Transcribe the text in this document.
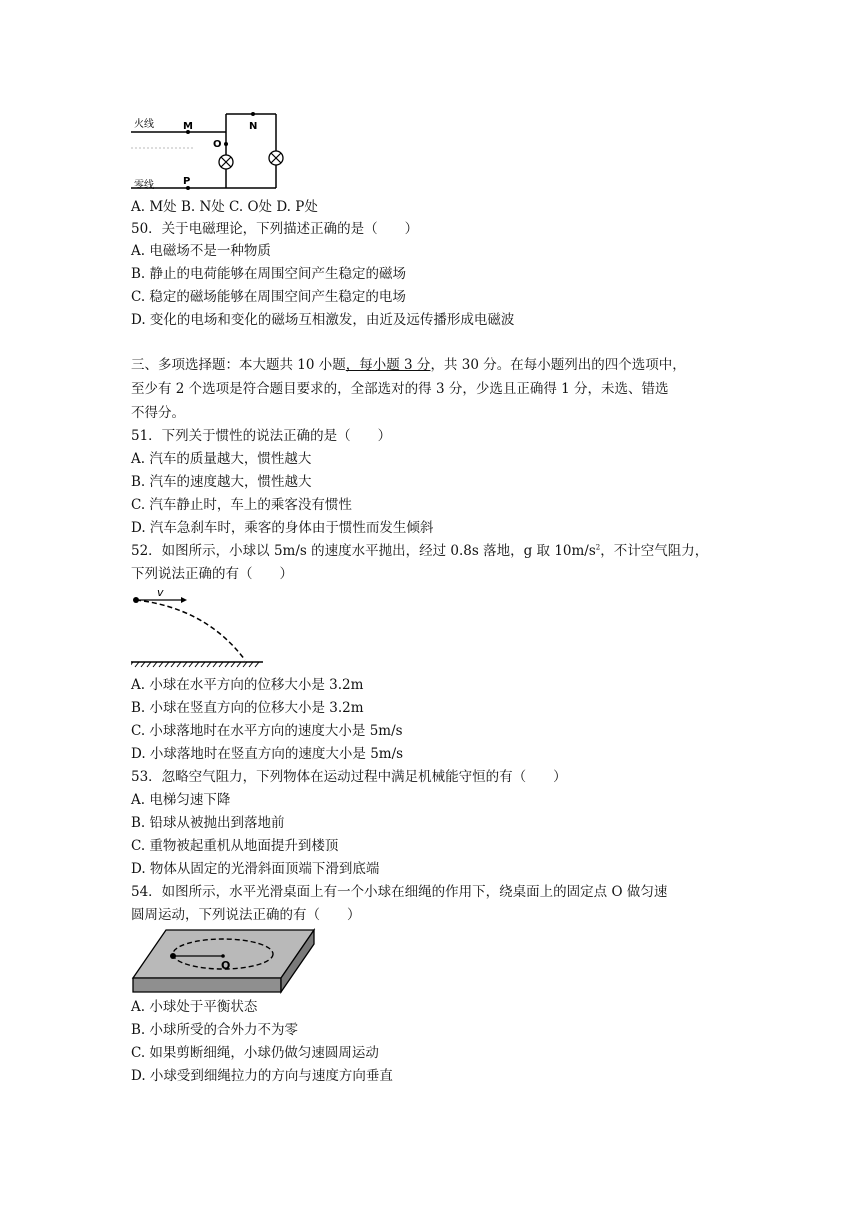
火线
零线
M	N
O
P
A. M处 B. N处 C. O处 D. P处
50．关于电磁理论，下列描述正确的是（　　）
A. 电磁场不是一种物质
B. 静止的电荷能够在周围空间产生稳定的磁场
C. 稳定的磁场能够在周围空间产生稳定的电场
D. 变化的电场和变化的磁场互相激发，由近及远传播形成电磁波
三、多项选择题：本大题共 10 小题，每小题 3 分，共 30 分。在每小题列出的四个选项中，
至少有 2 个选项是符合题目要求的，全部选对的得 3 分，少选且正确得 1 分，未选、错选
不得分。
51．下列关于惯性的说法正确的是（　　）
A. 汽车的质量越大，惯性越大
B. 汽车的速度越大，惯性越大
C. 汽车静止时，车上的乘客没有惯性
D. 汽车急刹车时，乘客的身体由于惯性而发生倾斜
52．如图所示，小球以 5m/s 的速度水平抛出，经过 0.8s 落地，g 取 $10m/s^2$，不计空气阻力，
下列说法正确的有（　　）
v
A. 小球在水平方向的位移大小是 3.2m
B. 小球在竖直方向的位移大小是 3.2m
C. 小球落地时在水平方向的速度大小是 5m/s
D. 小球落地时在竖直方向的速度大小是 5m/s
53．忽略空气阻力，下列物体在运动过程中满足机械能守恒的有（　　）
A. 电梯匀速下降
B. 铅球从被抛出到落地前
C. 重物被起重机从地面提升到楼顶
D. 物体从固定的光滑斜面顶端下滑到底端
54．如图所示，水平光滑桌面上有一个小球在细绳的作用下，绕桌面上的固定点 O 做匀速
圆周运动，下列说法正确的有（　　）
O
A. 小球处于平衡状态
B. 小球所受的合外力不为零
C. 如果剪断细绳，小球仍做匀速圆周运动
D. 小球受到细绳拉力的方向与速度方向垂直
